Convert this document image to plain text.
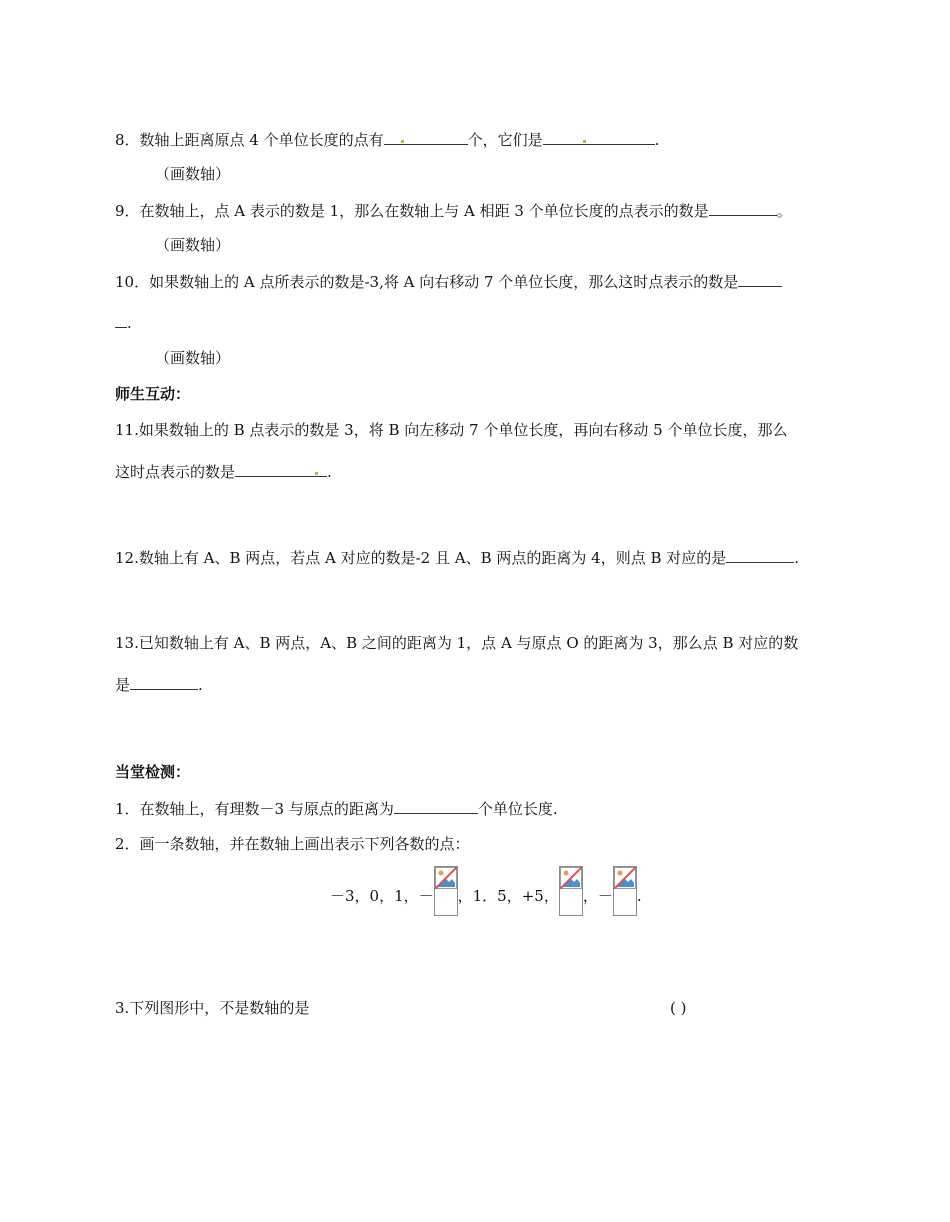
8．数轴上距离原点 4 个单位长度的点有	个，它们是	.
（画数轴）
9．在数轴上，点 A 表示的数是 1，那么在数轴上与 A 相距 3 个单位长度的点表示的数是	。
（画数轴）
10．如果数轴上的 A 点所表示的数是-3,将 A 向右移动 7 个单位长度，那么这时点表示的数是
.
（画数轴）
师生互动：
11.如果数轴上的 B 点表示的数是 3，将 B 向左移动 7 个单位长度，再向右移动 5 个单位长度，那么
这时点表示的数是	.
12.数轴上有 A、B 两点，若点 A 对应的数是-2 且 A、B 两点的距离为 4，则点 B 对应的是	.
13.已知数轴上有 A、B 两点，A、B 之间的距离为 1，点 A 与原点 O 的距离为 3，那么点 B 对应的数
是	.
当堂检测：
1．在数轴上，有理数－3 与原点的距离为	个单位长度.
2．画一条数轴，并在数轴上画出表示下列各数的点：
－3，0，1，－ ，1．5，+5， ，－ .
3.下列图形中，不是数轴的是	( )
